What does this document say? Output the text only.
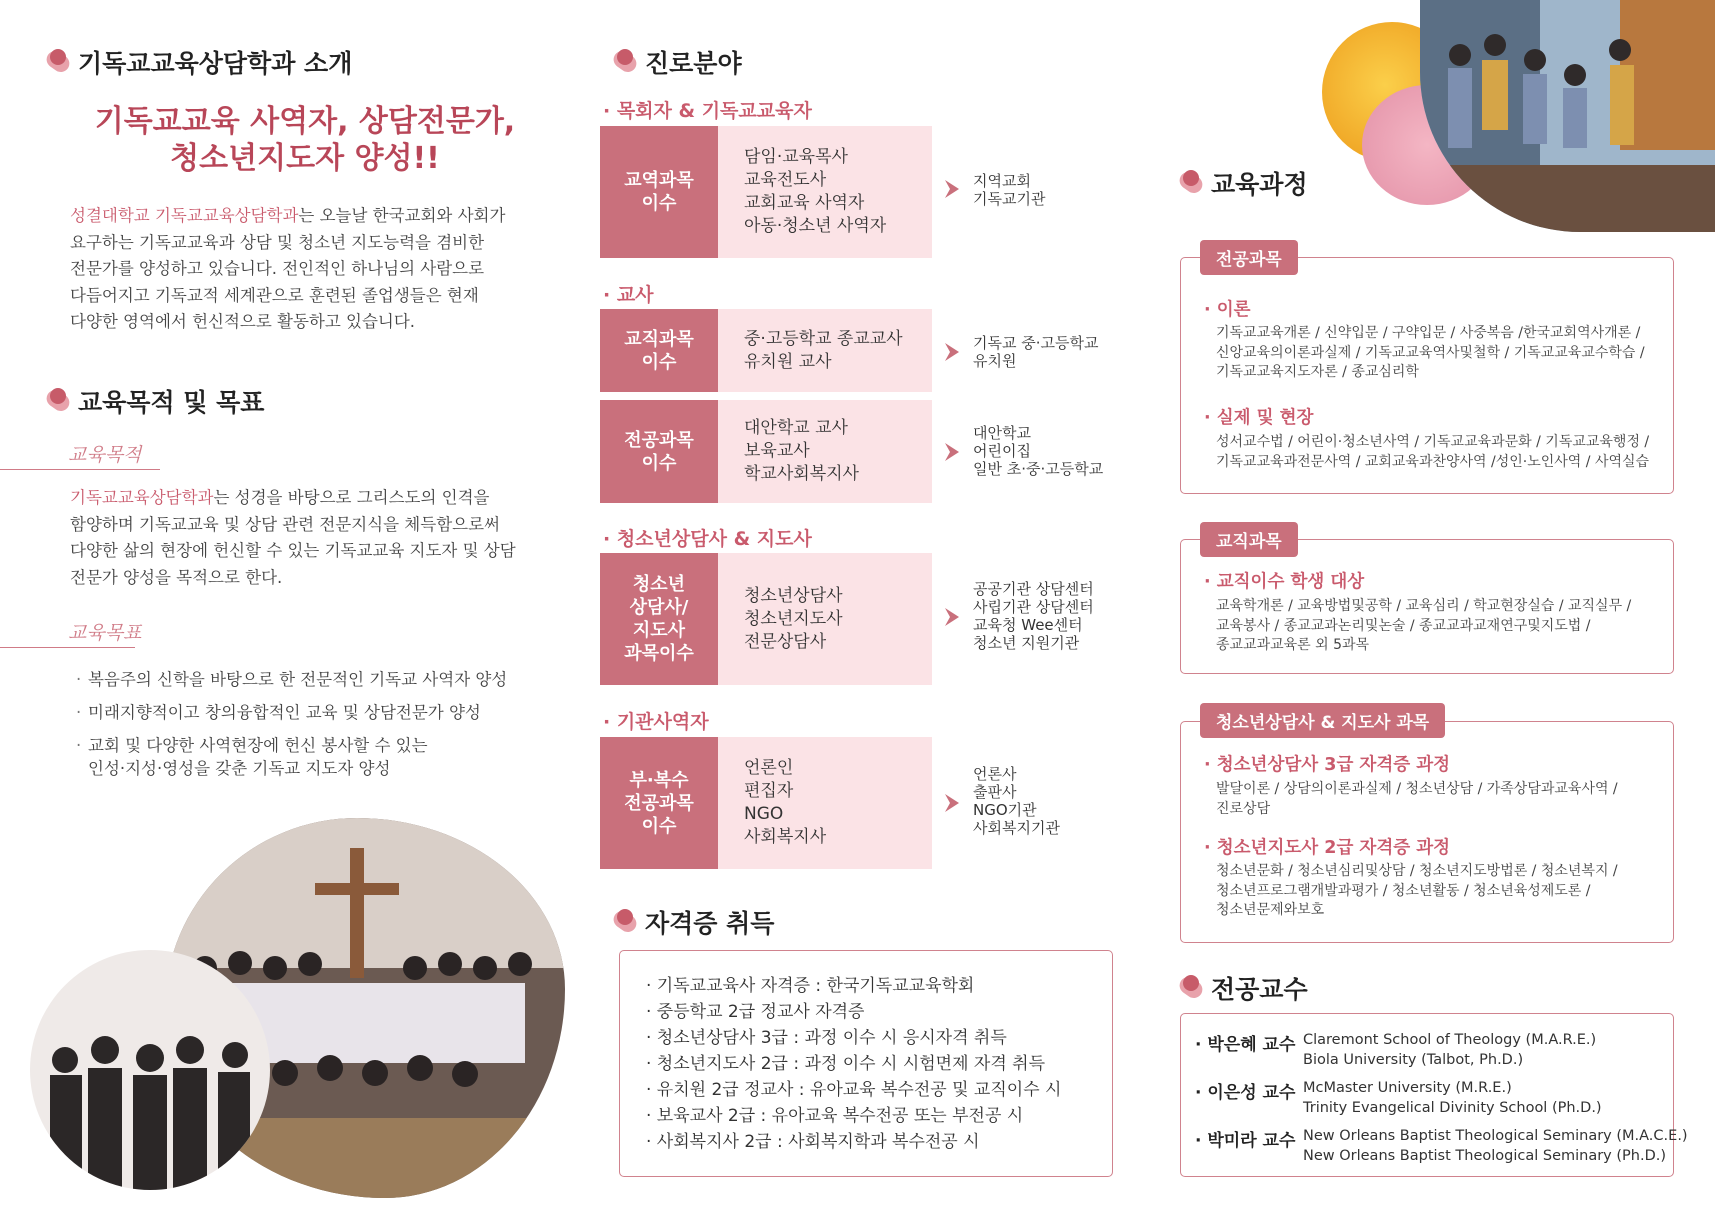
기독교교육상담학과 소개
기독교교육 사역자, 상담전문가,
청소년지도자 양성!!
성결대학교 기독교교육상담학과는 오늘날 한국교회와 사회가
요구하는 기독교교육과 상담 및 청소년 지도능력을 겸비한
전문가를 양성하고 있습니다. 전인적인 하나님의 사람으로
다듬어지고 기독교적 세계관으로 훈련된 졸업생들은 현재
다양한 영역에서 헌신적으로 활동하고 있습니다.
교육목적 및 목표
교육목적
기독교교육상담학과는 성경을 바탕으로 그리스도의 인격을
함양하며 기독교교육 및 상담 관련 전문지식을 체득함으로써
다양한 삶의 현장에 헌신할 수 있는 기독교교육 지도자 및 상담
전문가 양성을 목적으로 한다.
교육목표
· 복음주의 신학을 바탕으로 한 전문적인 기독교 사역자 양성
· 미래지향적이고 창의융합적인 교육 및 상담전문가 양성
· 교회 및 다양한 사역현장에 헌신 봉사할 수 있는
인성·지성·영성을 갖춘 기독교 지도자 양성
진로분야
· 목회자 & 기독교교육자
교역과목
이수
담임·교육목사
교육전도사
교회교육 사역자
아동·청소년 사역자
지역교회
기독교기관
· 교사
교직과목
이수
중·고등학교 종교교사
유치원 교사
기독교 중·고등학교
유치원
전공과목
이수
대안학교 교사
보육교사
학교사회복지사
대안학교
어린이집
일반 초·중·고등학교
· 청소년상담사 & 지도사
청소년
상담사/
지도사
과목이수
청소년상담사
청소년지도사
전문상담사
공공기관 상담센터
사립기관 상담센터
교육청 Wee센터
청소년 지원기관
· 기관사역자
부·복수
전공과목
이수
언론인
편집자
NGO
사회복지사
언론사
출판사
NGO기관
사회복지기관
자격증 취득
· 기독교교육사 자격증 : 한국기독교교육학회
· 중등학교 2급 정교사 자격증
· 청소년상담사 3급 : 과정 이수 시 응시자격 취득
· 청소년지도사 2급 : 과정 이수 시 시험면제 자격 취득
· 유치원 2급 정교사 : 유아교육 복수전공 및 교직이수 시
· 보육교사 2급 : 유아교육 복수전공 또는 부전공 시
· 사회복지사 2급 : 사회복지학과 복수전공 시
교육과정
전공과목
· 이론
기독교교육개론 / 신약입문 / 구약입문 / 사중복음 /한국교회역사개론 /
신앙교육의이론과실제 / 기독교교육역사및철학 / 기독교교육교수학습 /
기독교교육지도자론 / 종교심리학
· 실제 및 현장
성서교수법 / 어린이·청소년사역 / 기독교교육과문화 / 기독교교육행정 /
기독교교육과전문사역 / 교회교육과찬양사역 /성인·노인사역 / 사역실습
교직과목
· 교직이수 학생 대상
교육학개론 / 교육방법및공학 / 교육심리 / 학교현장실습 / 교직실무 /
교육봉사 / 종교교과논리및논술 / 종교교과교재연구및지도법 /
종교교과교육론 외 5과목
청소년상담사 & 지도사 과목
· 청소년상담사 3급 자격증 과정
발달이론 / 상담의이론과실제 / 청소년상담 / 가족상담과교육사역 /
진로상담
· 청소년지도사 2급 자격증 과정
청소년문화 / 청소년심리및상담 / 청소년지도방법론 / 청소년복지 /
청소년프로그램개발과평가 / 청소년활동 / 청소년육성제도론 /
청소년문제와보호
전공교수
· 박은혜 교수 Claremont School of Theology (M.A.R.E.)
Biola University (Talbot, Ph.D.)
· 이은성 교수 McMaster University (M.R.E.)
Trinity Evangelical Divinity School (Ph.D.)
· 박미라 교수 New Orleans Baptist Theological Seminary (M.A.C.E.)
New Orleans Baptist Theological Seminary (Ph.D.)
